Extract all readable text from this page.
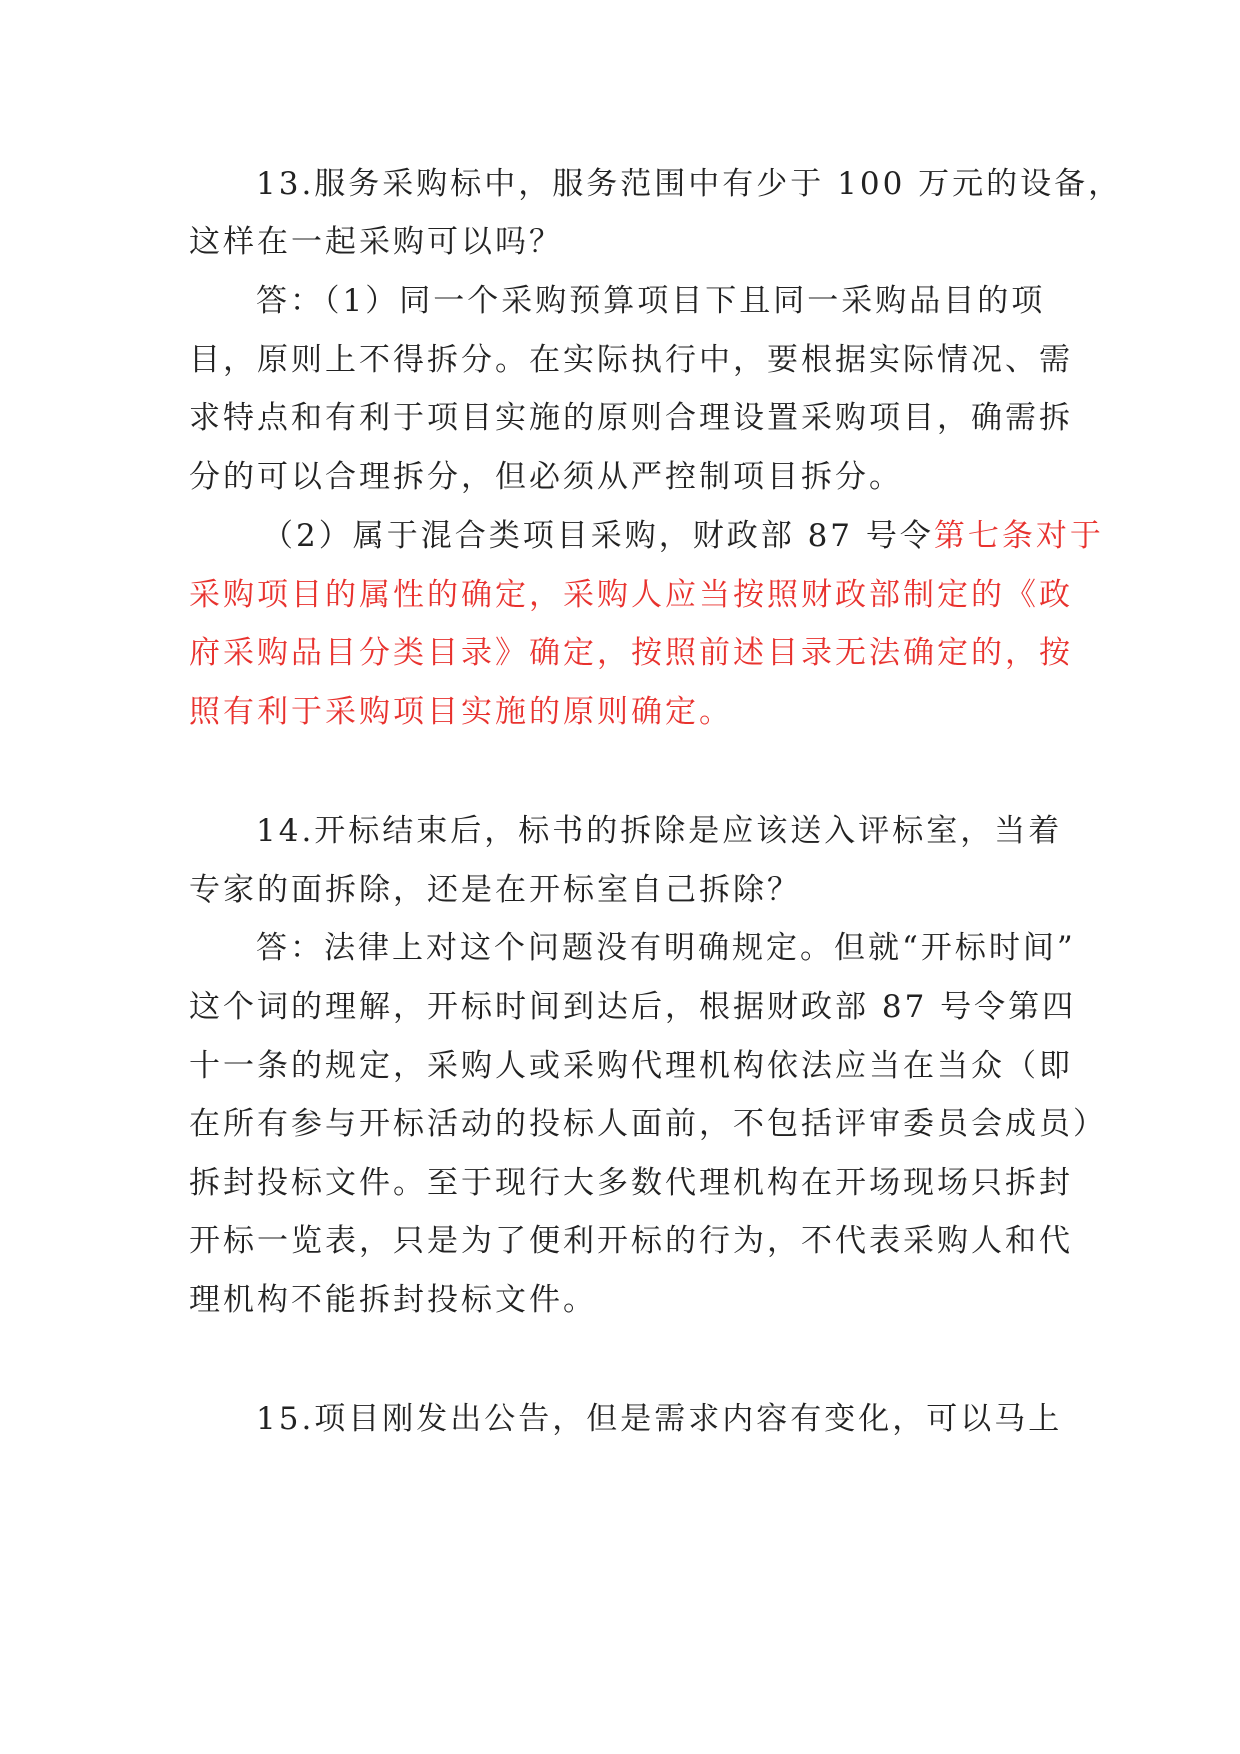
13.服务采购标中，服务范围中有少于 100 万元的设备，
这样在一起采购可以吗？
答：（1）同一个采购预算项目下且同一采购品目的项
目，原则上不得拆分。在实际执行中，要根据实际情况、需
求特点和有利于项目实施的原则合理设置采购项目，确需拆
分的可以合理拆分，但必须从严控制项目拆分。
（2）属于混合类项目采购，财政部 87 号令第七条对于
采购项目的属性的确定，采购人应当按照财政部制定的《政
府采购品目分类目录》确定，按照前述目录无法确定的，按
照有利于采购项目实施的原则确定。
14.开标结束后，标书的拆除是应该送入评标室，当着
专家的面拆除，还是在开标室自己拆除？
答：法律上对这个问题没有明确规定。但就“开标时间”
这个词的理解，开标时间到达后，根据财政部 87 号令第四
十一条的规定，采购人或采购代理机构依法应当在当众（即
在所有参与开标活动的投标人面前，不包括评审委员会成员）
拆封投标文件。至于现行大多数代理机构在开场现场只拆封
开标一览表，只是为了便利开标的行为，不代表采购人和代
理机构不能拆封投标文件。
15.项目刚发出公告，但是需求内容有变化，可以马上
